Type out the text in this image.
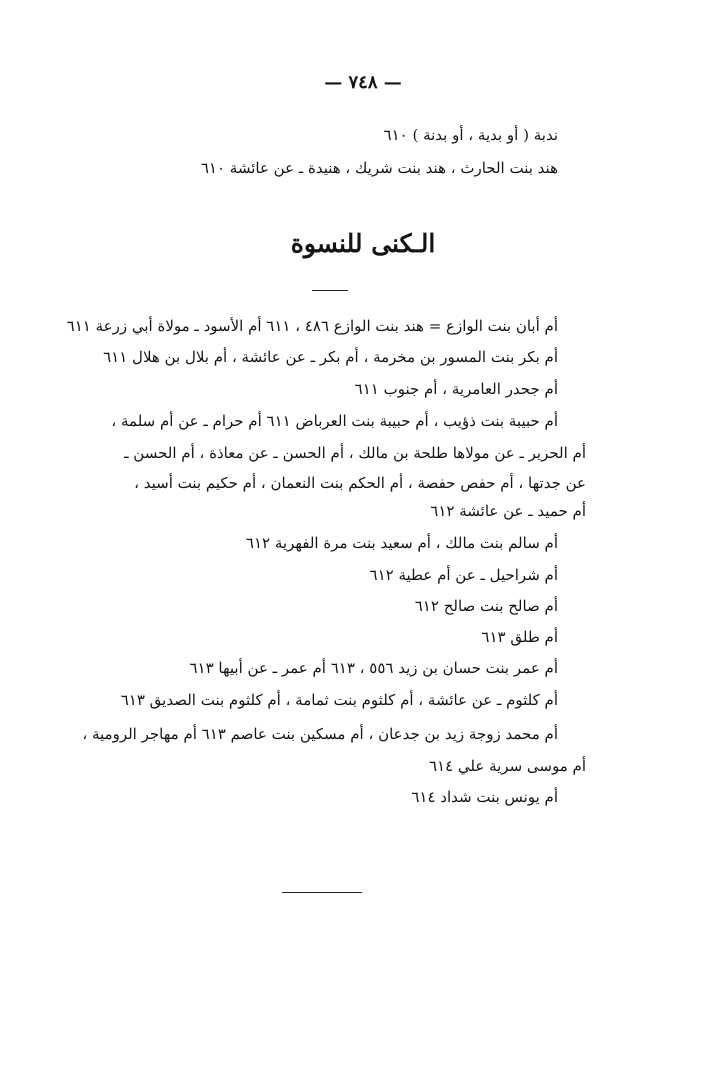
— ٧٤٨ —
ندبة ( أو بدية ، أو بدنة ) ٦١٠
هند بنت الحارث ، هند بنت شريك ، هنيدة ـ عن عائشة ٦١٠
الـكنى للنسوة
أم أبان بنت الوازع = هند بنت الوازع ٤٨٦ ، ٦١١ أم الأسود ـ مولاة أبي زرعة ٦١١
أم بكر بنت المسور بن مخرمة ، أم بكر ـ عن عائشة ، أم بلال بن هلال ٦١١
أم جحدر العامرية ، أم جنوب ٦١١
أم حبيبة بنت ذؤيب ، أم حبيبة بنت العرباض ٦١١ أم حرام ـ عن أم سلمة ،
أم الحرير ـ عن مولاها طلحة بن مالك ، أم الحسن ـ عن معاذة ، أم الحسن ـ
عن جدتها ، أم حفص حفصة ، أم الحكم بنت النعمان ، أم حكيم بنت أسيد ،
أم حميد ـ عن عائشة ٦١٢
أم سالم بنت مالك ، أم سعيد بنت مرة الفهرية ٦١٢
أم شراحيل ـ عن أم عطية ٦١٢
أم صالح بنت صالح ٦١٢
أم طلق ٦١٣
أم عمر بنت حسان بن زيد ٥٥٦ ، ٦١٣ أم عمر ـ عن أبيها ٦١٣
أم كلثوم ـ عن عائشة ، أم كلثوم بنت ثمامة ، أم كلثوم بنت الصديق ٦١٣
أم محمد زوجة زيد بن جدعان ، أم مسكين بنت عاصم ٦١٣ أم مهاجر الرومية ،
أم موسى سرية علي ٦١٤
أم يونس بنت شداد ٦١٤
